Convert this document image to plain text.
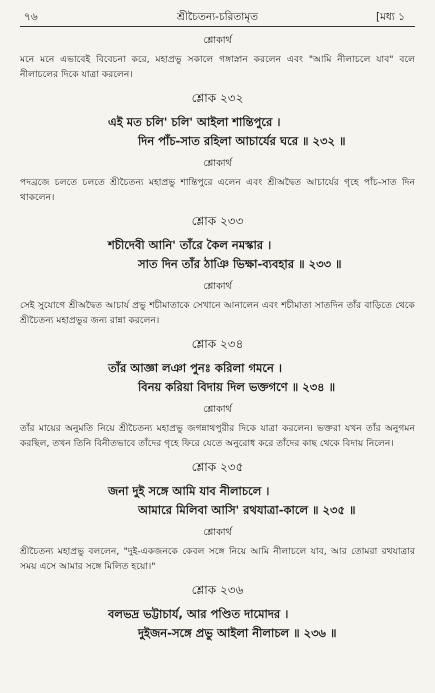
৭৬	শ্রীচৈতন্য-চরিতামৃত	[মধ্য ১
শ্লোকার্থ

মনে মনে এভাবেই বিবেচনা করে, মহাপ্রভু সকালে গঙ্গাস্নান করলেন এবং "আমি নীলাচলে যাব" বলে নীলাচলের দিকে যাত্রা করলেন।

শ্লোক ২৩২
এই মত চলি' চলি' আইলা শান্তিপুরে ।
দিন পাঁচ-সাত রহিলা আচার্যের ঘরে ॥ ২৩২ ॥
শ্লোকার্থ

পদব্রজে চলতে চলতে শ্রীচৈতন্য মহাপ্রভু শান্তিপুরে এলেন এবং শ্রীঅদ্বৈত আচার্যের গৃহে পাঁচ-সাত দিন থাকলেন।

শ্লোক ২৩৩
শচীদেবী আনি' তাঁরে কৈল নমস্কার ।
সাত দিন তাঁর ঠাঞি ভিক্ষা-ব্যবহার ॥ ২৩৩ ॥
শ্লোকার্থ

সেই সুযোগে শ্রীঅদ্বৈত আচার্য প্রভু শচীমাতাকে সেখানে আনালেন এবং শচীমাতা সাতদিন তাঁর বাড়িতে থেকে শ্রীচৈতন্য মহাপ্রভুর জন্য রান্না করলেন।

শ্লোক ২৩৪
তাঁর আজ্ঞা লঞা পুনঃ করিলা গমনে ।
বিনয় করিয়া বিদায় দিল ভক্তগণে ॥ ২৩৪ ॥
শ্লোকার্থ

তাঁর মায়ের অনুমতি নিয়ে শ্রীচৈতন্য মহাপ্রভু জগন্নাথপুরীর দিকে যাত্রা করলেন। ভক্তরা যখন তাঁর অনুগমন করছিল, তখন তিনি বিনীতভাবে তাঁদের গৃহে ফিরে যেতে অনুরোধ করে তাঁদের কাছ থেকে বিদায় নিলেন।

শ্লোক ২৩৫
জনা দুই সঙ্গে আমি যাব নীলাচলে ।
আমারে মিলিবা আসি' রথযাত্রা-কালে ॥ ২৩৫ ॥
শ্লোকার্থ

শ্রীচৈতন্য মহাপ্রভু বললেন, "দুই-একজনকে কেবল সঙ্গে নিয়ে আমি নীলাচলে যাব, আর তোমরা রথযাত্রার সময় এসে আমার সঙ্গে মিলিত হয়ো।"

শ্লোক ২৩৬
বলভদ্র ভট্টাচার্য, আর পণ্ডিত দামোদর ।
দুইজন-সঙ্গে প্রভু আইলা নীলাচল ॥ ২৩৬ ॥
